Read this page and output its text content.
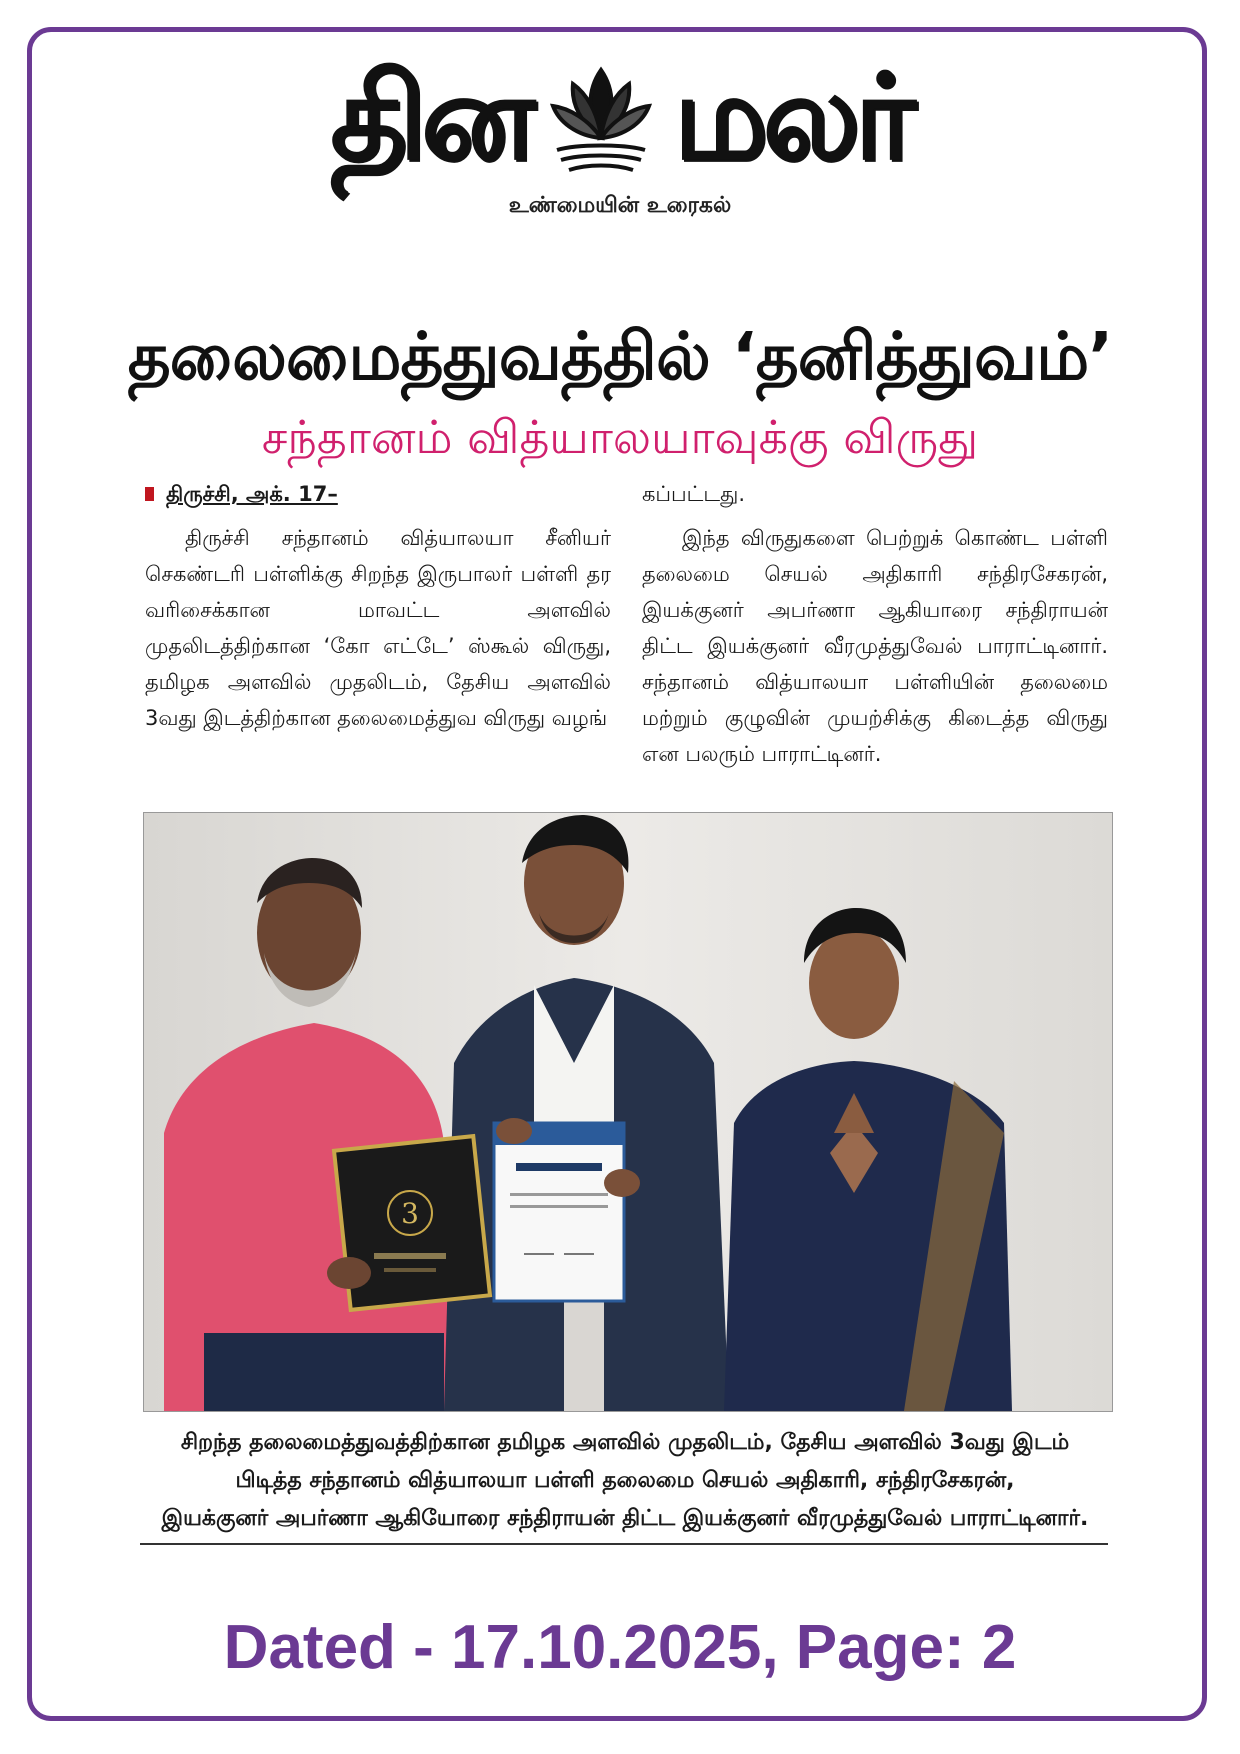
தின மலர்
உண்மையின் உரைகல்
தலைமைத்துவத்தில் ‘தனித்துவம்’
சந்தானம் வித்யாலயாவுக்கு விருது
திருச்சி, அக். 17–
திருச்சி சந்தானம் வித்யாலயா சீனியர் செகண்டரி பள்ளிக்கு சிறந்த இருபாலர் பள்ளி தர வரிசைக்கான மாவட்ட அளவில் முதலிடத்திற்கான ‘கோ எட்டே’ ஸ்கூல் விருது, தமிழக அளவில் முதலிடம், தேசிய அளவில் 3வது இடத்திற்கான தலைமைத்துவ விருது வழங்
கப்பட்டது.
இந்த விருதுகளை பெற்றுக் கொண்ட பள்ளி தலைமை செயல் அதிகாரி சந்திரசேகரன், இயக்குனர் அபர்ணா ஆகியாரை சந்திராயன் திட்ட இயக்குனர் வீரமுத்துவேல் பாராட்டினார். சந்தானம் வித்யாலயா பள்ளியின் தலைமை மற்றும் குழுவின் முயற்சிக்கு கிடைத்த விருது என பலரும் பாராட்டினர்.
3
சிறந்த தலைமைத்துவத்திற்கான தமிழக அளவில் முதலிடம், தேசிய அளவில் 3வது இடம்
பிடித்த சந்தானம் வித்யாலயா பள்ளி தலைமை செயல் அதிகாரி, சந்திரசேகரன்,
இயக்குனர் அபர்ணா ஆகியோரை சந்திராயன் திட்ட இயக்குனர் வீரமுத்துவேல் பாராட்டினார்.
Dated - 17.10.2025, Page: 2
